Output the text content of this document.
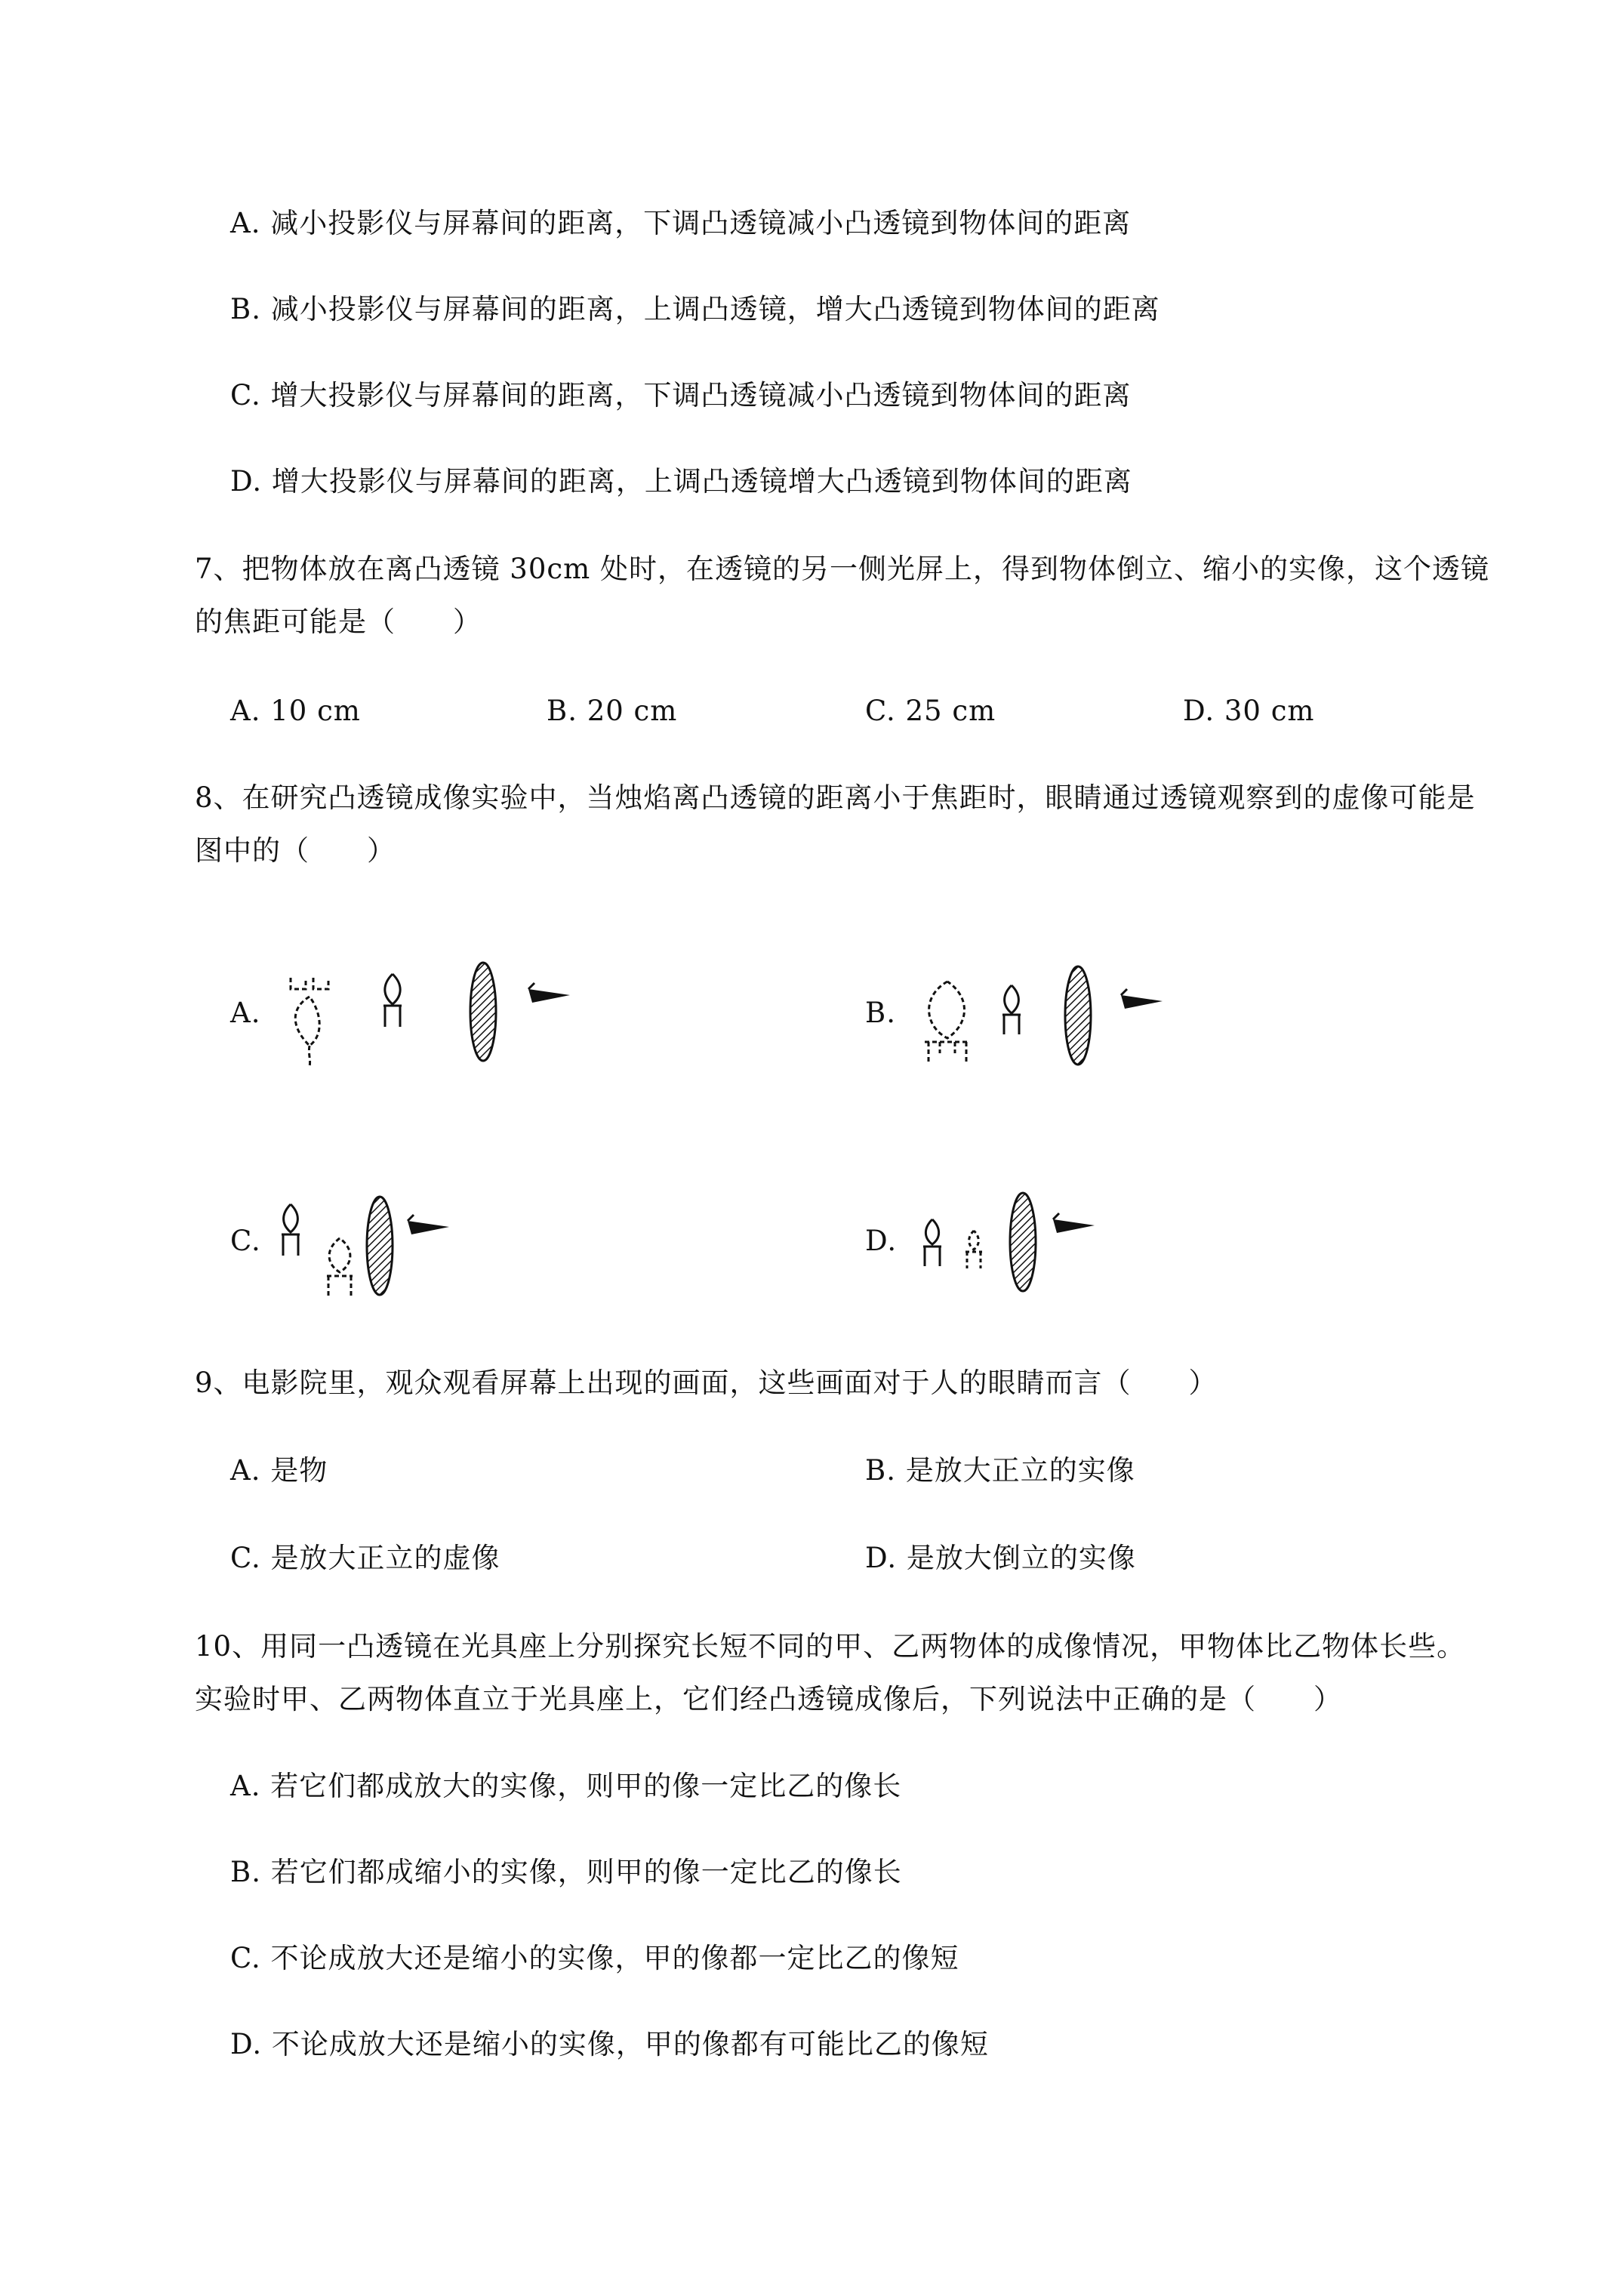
A. 减小投影仪与屏幕间的距离，下调凸透镜减小凸透镜到物体间的距离
B. 减小投影仪与屏幕间的距离，上调凸透镜，增大凸透镜到物体间的距离
C. 增大投影仪与屏幕间的距离，下调凸透镜减小凸透镜到物体间的距离
D. 增大投影仪与屏幕间的距离，上调凸透镜增大凸透镜到物体间的距离
7、把物体放在离凸透镜 30cm 处时，在透镜的另一侧光屏上，得到物体倒立、缩小的实像，这个透镜
的焦距可能是（　　）
A. 10 cm	B. 20 cm	C. 25 cm	D. 30 cm
8、在研究凸透镜成像实验中，当烛焰离凸透镜的距离小于焦距时，眼睛通过透镜观察到的虚像可能是
图中的（　　）
A.	B.
C.	D.
9、电影院里，观众观看屏幕上出现的画面，这些画面对于人的眼睛而言（　　）
A. 是物	B. 是放大正立的实像
C. 是放大正立的虚像	D. 是放大倒立的实像
10、用同一凸透镜在光具座上分别探究长短不同的甲、乙两物体的成像情况，甲物体比乙物体长些。
实验时甲、乙两物体直立于光具座上，它们经凸透镜成像后，下列说法中正确的是（　　）
A. 若它们都成放大的实像，则甲的像一定比乙的像长
B. 若它们都成缩小的实像，则甲的像一定比乙的像长
C. 不论成放大还是缩小的实像，甲的像都一定比乙的像短
D. 不论成放大还是缩小的实像，甲的像都有可能比乙的像短
